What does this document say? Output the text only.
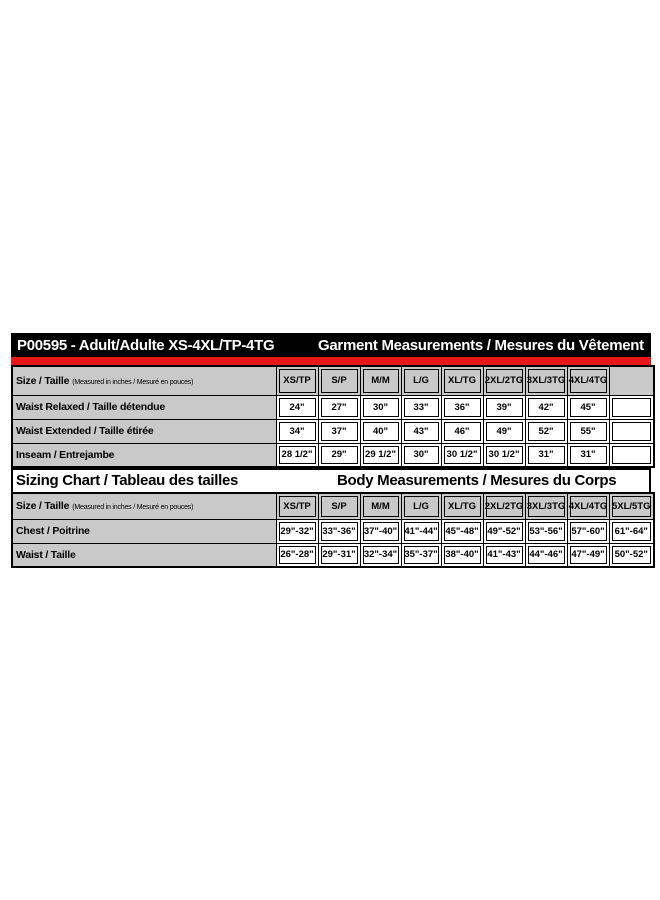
P00595 - Adult/Adulte XS-4XL/TP-4TG	Garment Measurements / Mesures du Vêtement
Size / Taille (Measured in inches / Mesuré en pouces)	XS/TP	S/P	M/M	L/G	XL/TG	2XL/2TG	3XL/3TG	4XL/4TG	
Waist Relaxed / Taille détendue	24"	27"	30"	33"	36"	39"	42"	45"	
Waist Extended / Taille étirée	34"	37"	40"	43"	46"	49"	52"	55"	
Inseam / Entrejambe	28 1/2"	29"	29 1/2"	30"	30 1/2"	30 1/2"	31"	31"	
Sizing Chart / Tableau des tailles	Body Measurements / Mesures du Corps
Size / Taille (Measured in inches / Mesuré en pouces)	XS/TP	S/P	M/M	L/G	XL/TG	2XL/2TG	3XL/3TG	4XL/4TG	5XL/5TG
Chest / Poitrine	29"-32"	33"-36"	37"-40"	41"-44"	45"-48"	49"-52"	53"-56"	57"-60"	61"-64"
Waist / Taille	26"-28"	29"-31"	32"-34"	35"-37"	38"-40"	41"-43"	44"-46"	47"-49"	50"-52"
